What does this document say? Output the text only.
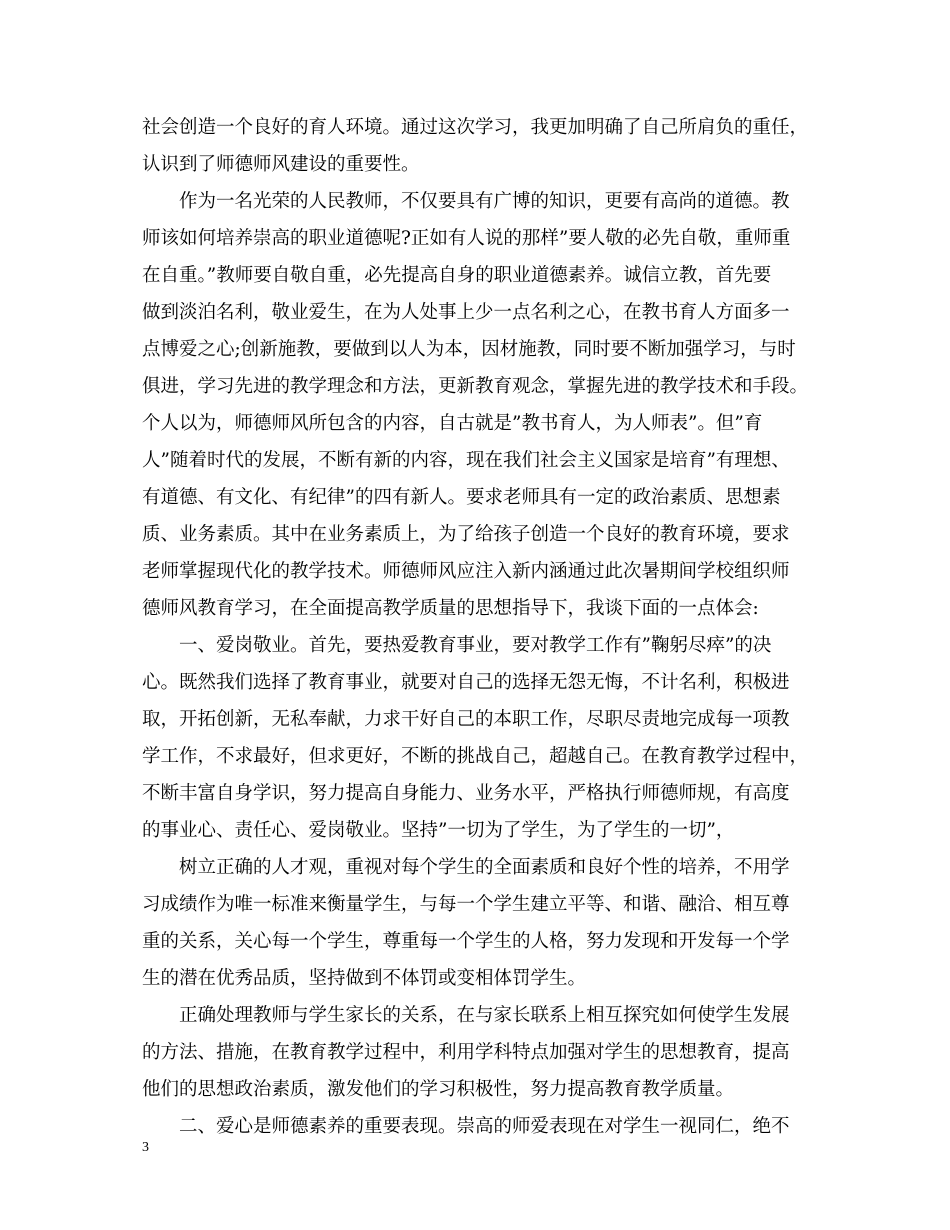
社会创造一个良好的育人环境。通过这次学习，我更加明确了自己所肩负的重任，
认识到了师德师风建设的重要性。
　　作为一名光荣的人民教师，不仅要具有广博的知识，更要有高尚的道德。教
师该如何培养崇高的职业道德呢?正如有人说的那样”要人敬的必先自敬，重师重
在自重。”教师要自敬自重，必先提高自身的职业道德素养。诚信立教，首先要
做到淡泊名利，敬业爱生，在为人处事上少一点名利之心，在教书育人方面多一
点博爱之心;创新施教，要做到以人为本，因材施教，同时要不断加强学习，与时
俱进，学习先进的教学理念和方法，更新教育观念，掌握先进的教学技术和手段。
个人以为，师德师风所包含的内容，自古就是”教书育人，为人师表”。但”育
人”随着时代的发展，不断有新的内容，现在我们社会主义国家是培育”有理想、
有道德、有文化、有纪律”的四有新人。要求老师具有一定的政治素质、思想素
质、业务素质。其中在业务素质上，为了给孩子创造一个良好的教育环境，要求
老师掌握现代化的教学技术。师德师风应注入新内涵通过此次暑期间学校组织师
德师风教育学习，在全面提高教学质量的思想指导下，我谈下面的一点体会:
　　一、爱岗敬业。首先，要热爱教育事业，要对教学工作有”鞠躬尽瘁”的决
心。既然我们选择了教育事业，就要对自己的选择无怨无悔，不计名利，积极进
取，开拓创新，无私奉献，力求干好自己的本职工作，尽职尽责地完成每一项教
学工作，不求最好，但求更好，不断的挑战自己，超越自己。在教育教学过程中，
不断丰富自身学识，努力提高自身能力、业务水平，严格执行师德师规，有高度
的事业心、责任心、爱岗敬业。坚持”一切为了学生，为了学生的一切”，
　　树立正确的人才观，重视对每个学生的全面素质和良好个性的培养，不用学
习成绩作为唯一标准来衡量学生，与每一个学生建立平等、和谐、融洽、相互尊
重的关系，关心每一个学生，尊重每一个学生的人格，努力发现和开发每一个学
生的潜在优秀品质，坚持做到不体罚或变相体罚学生。
　　正确处理教师与学生家长的关系，在与家长联系上相互探究如何使学生发展
的方法、措施，在教育教学过程中，利用学科特点加强对学生的思想教育，提高
他们的思想政治素质，激发他们的学习积极性，努力提高教育教学质量。
　　二、爱心是师德素养的重要表现。崇高的师爱表现在对学生一视同仁，绝不
3
